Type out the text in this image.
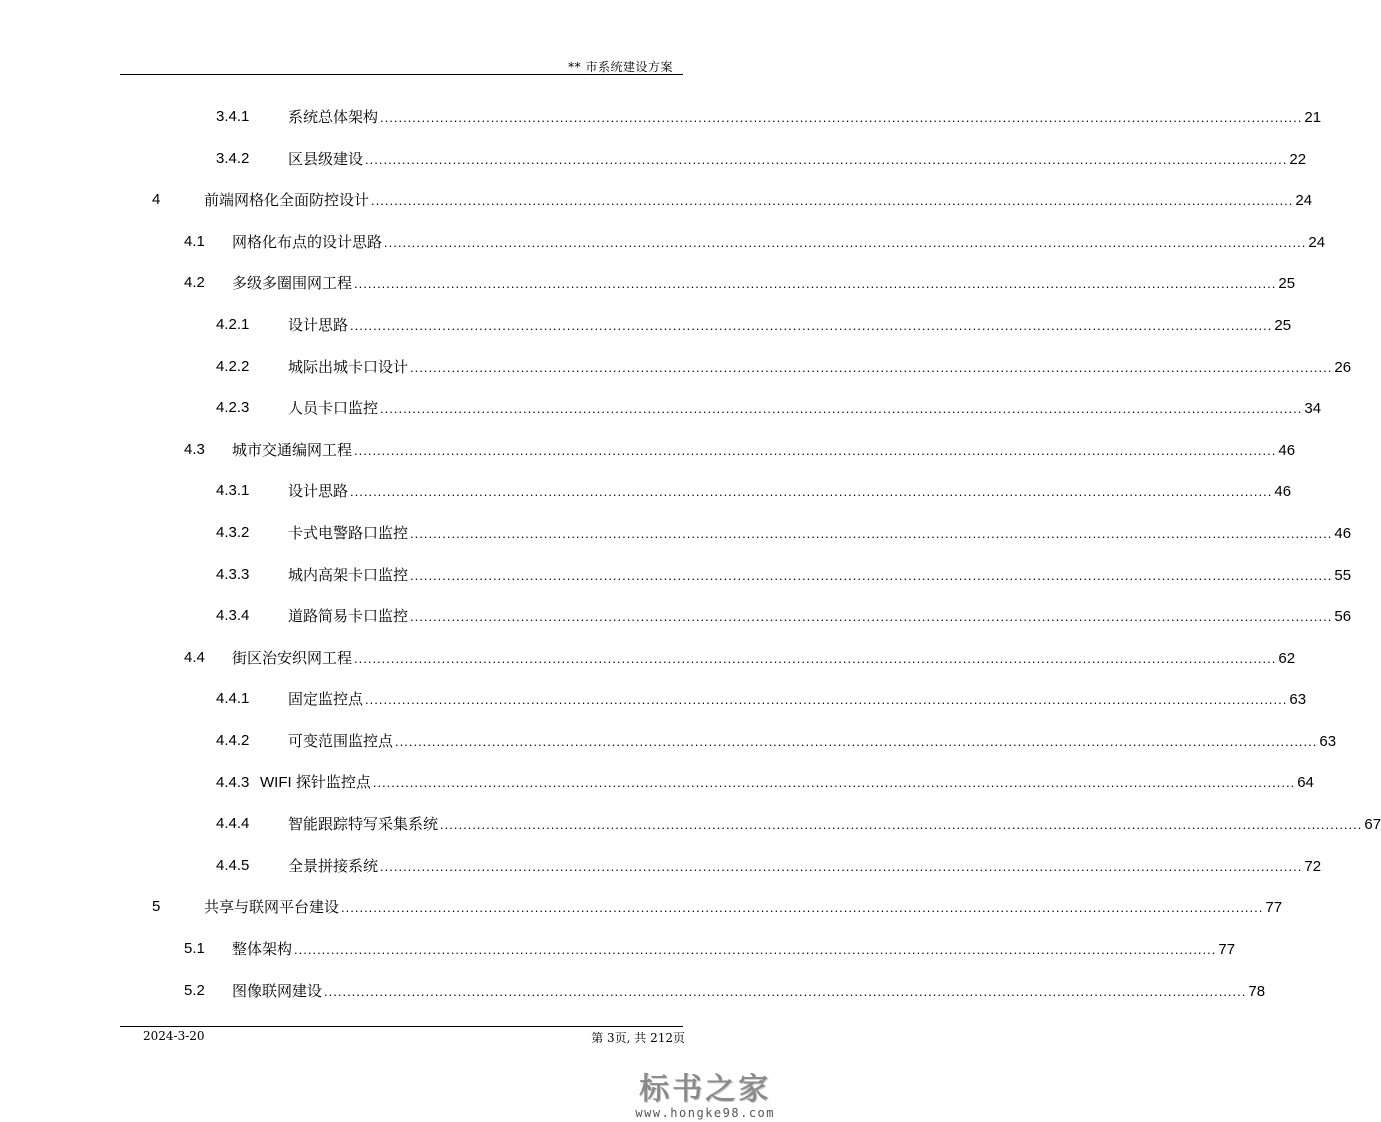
** 市系统建设方案
3.4.1	系统总体架构 ........................................................................................................................................................................................................ 21
3.4.2	区县级建设 ........................................................................................................................................................................................................ 22
4	前端网格化全面防控设计 ........................................................................................................................................................................................................ 24
4.1 网格化布点的设计思路 ........................................................................................................................................................................................................ 24
4.2 多级多圈围网工程 ........................................................................................................................................................................................................ 25
4.2.1	设计思路 ........................................................................................................................................................................................................ 25
4.2.2	城际出城卡口设计 ........................................................................................................................................................................................................ 26
4.2.3	人员卡口监控 ........................................................................................................................................................................................................ 34
4.3 城市交通编网工程 ........................................................................................................................................................................................................ 46
4.3.1	设计思路 ........................................................................................................................................................................................................ 46
4.3.2	卡式电警路口监控 ........................................................................................................................................................................................................ 46
4.3.3	城内高架卡口监控 ........................................................................................................................................................................................................ 55
4.3.4	道路简易卡口监控 ........................................................................................................................................................................................................ 56
4.4 街区治安织网工程 ........................................................................................................................................................................................................ 62
4.4.1	固定监控点 ........................................................................................................................................................................................................ 63
4.4.2	可变范围监控点 ........................................................................................................................................................................................................ 63
4.4.3 WIFI 探针监控点 ........................................................................................................................................................................................................ 64
4.4.4	智能跟踪特写采集系统 ........................................................................................................................................................................................................ 67
4.4.5	全景拼接系统 ........................................................................................................................................................................................................ 72
5	共享与联网平台建设 ........................................................................................................................................................................................................ 77
5.1 整体架构 ........................................................................................................................................................................................................ 77
5.2 图像联网建设 ........................................................................................................................................................................................................ 78
2024-3-20	第 3页, 共 212页
标书之家
www.hongke98.com
